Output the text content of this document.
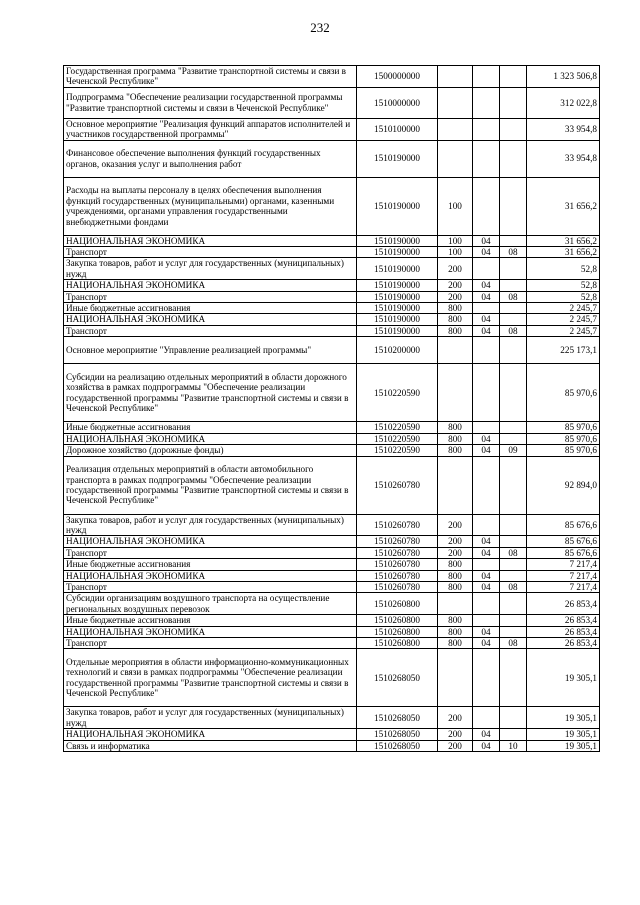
232
Государственная программа "Развитие транспортной системы и связи в Чеченской Республике"	1500000000				1 323 506,8
Подпрограмма "Обеспечение реализации государственной программы "Развитие транспортной системы и связи в Чеченской Республике"	1510000000				312 022,8
Основное мероприятие "Реализация функций аппаратов исполнителей и участников государственной программы"	1510100000				33 954,8
Финансовое обеспечение выполнения функций государственных органов, оказания услуг и выполнения работ	1510190000				33 954,8
Расходы на выплаты персоналу в целях обеспечения выполнения функций государственных (муниципальными) органами, казенными учреждениями, органами управления государственными внебюджетными фондами	1510190000	100			31 656,2
НАЦИОНАЛЬНАЯ ЭКОНОМИКА	1510190000	100	04		31 656,2
Транспорт	1510190000	100	04	08	31 656,2
Закупка товаров, работ и услуг для государственных (муниципальных) нужд	1510190000	200			52,8
НАЦИОНАЛЬНАЯ ЭКОНОМИКА	1510190000	200	04		52,8
Транспорт	1510190000	200	04	08	52,8
Иные бюджетные ассигнования	1510190000	800			2 245,7
НАЦИОНАЛЬНАЯ ЭКОНОМИКА	1510190000	800	04		2 245,7
Транспорт	1510190000	800	04	08	2 245,7
Основное мероприятие "Управление реализацией программы"	1510200000				225 173,1
Субсидии на реализацию отдельных мероприятий в области дорожного хозяйства в рамках подпрограммы "Обеспечение реализации государственной программы "Развитие транспортной системы и связи в Чеченской Республике"	1510220590				85 970,6
Иные бюджетные ассигнования	1510220590	800			85 970,6
НАЦИОНАЛЬНАЯ ЭКОНОМИКА	1510220590	800	04		85 970,6
Дорожное хозяйство (дорожные фонды)	1510220590	800	04	09	85 970,6
Реализация отдельных мероприятий в области автомобильного транспорта в рамках подпрограммы "Обеспечение реализации государственной программы "Развитие транспортной системы и связи в Чеченской Республике"	1510260780				92 894,0
Закупка товаров, работ и услуг для государственных (муниципальных) нужд	1510260780	200			85 676,6
НАЦИОНАЛЬНАЯ ЭКОНОМИКА	1510260780	200	04		85 676,6
Транспорт	1510260780	200	04	08	85 676,6
Иные бюджетные ассигнования	1510260780	800			7 217,4
НАЦИОНАЛЬНАЯ ЭКОНОМИКА	1510260780	800	04		7 217,4
Транспорт	1510260780	800	04	08	7 217,4
Субсидии организациям воздушного транспорта на осуществление региональных воздушных перевозок	1510260800				26 853,4
Иные бюджетные ассигнования	1510260800	800			26 853,4
НАЦИОНАЛЬНАЯ ЭКОНОМИКА	1510260800	800	04		26 853,4
Транспорт	1510260800	800	04	08	26 853,4
Отдельные мероприятия в области информационно-коммуникационных технологий и связи в рамках подпрограммы "Обеспечение реализации государственной программы "Развитие транспортной системы и связи в Чеченской Республике"	1510268050				19 305,1
Закупка товаров, работ и услуг для государственных (муниципальных) нужд	1510268050	200			19 305,1
НАЦИОНАЛЬНАЯ ЭКОНОМИКА	1510268050	200	04		19 305,1
Связь и информатика	1510268050	200	04	10	19 305,1
